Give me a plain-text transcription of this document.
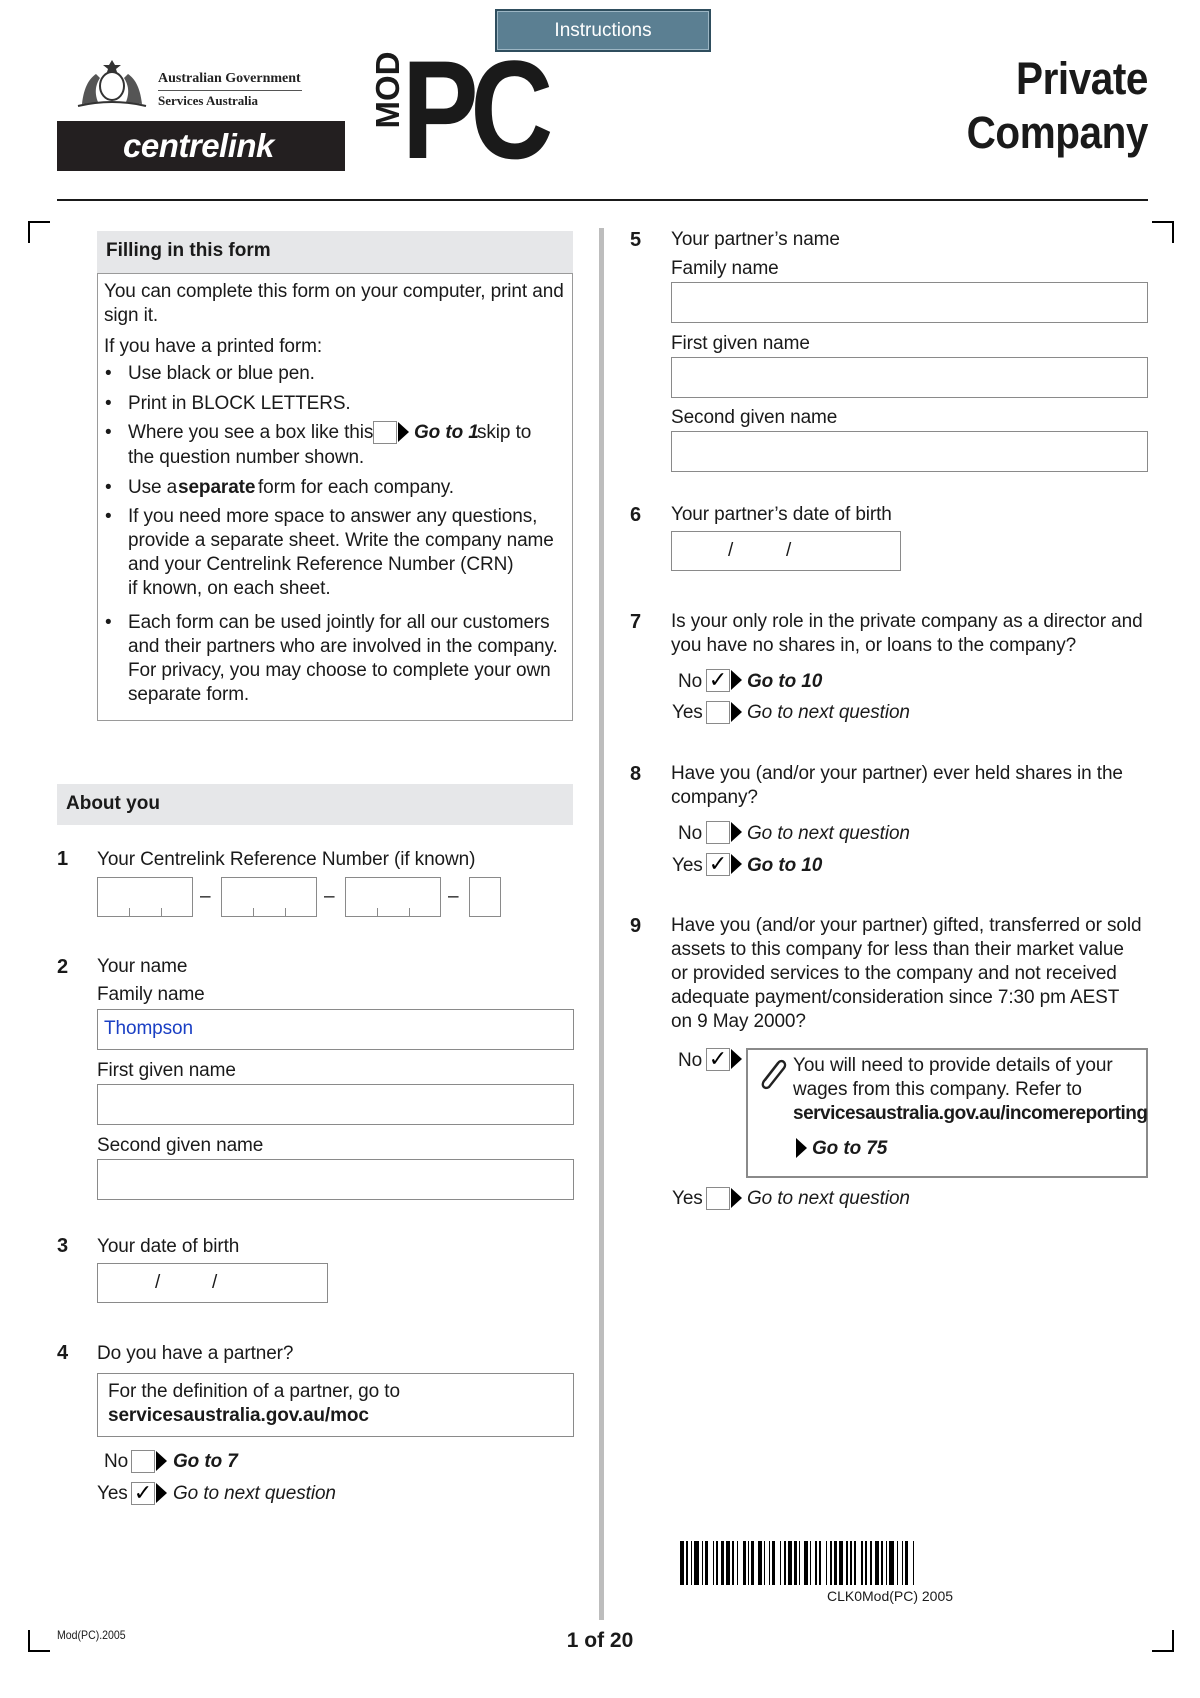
Instructions
Australian Government
Services Australia
centrelink
MOD
PC	Private Company
Filling in this form
You can complete this form on your computer, print and sign it.
If you have a printed form:
• Use black or blue pen.
• Print in BLOCK LETTERS.
• Where you see a box like this Go to 1
skip to
the question number shown.
• Use a separate form for each company.
• If you need more space to answer any questions,
provide a separate sheet. Write the company name
and your Centrelink Reference Number (CRN)
if known, on each sheet.
• Each form can be used jointly for all our customers
and their partners who are involved in the company.
For privacy, you may choose to complete your own
separate form.
About you
1 Your Centrelink Reference Number (if known)
–	–	–
2 Your name
Family name
Thompson
First given name
Second given name
3 Your date of birth
/	/
4 Do you have a partner?
For the definition of a partner, go to
servicesaustralia.gov.au/moc
No Go to 7
Yes ✓ Go to next question
5 Your partner’s name
Family name
First given name
Second given name
6 Your partner’s date of birth
/	/
7 Is your only role in the private company as a director and
you have no shares in, or loans to the company?
No ✓ Go to 10
Yes Go to next question
8 Have you (and/or your partner) ever held shares in the
company?
No Go to next question
Yes ✓ Go to 10
9 Have you (and/or your partner) gifted, transferred or sold
assets to this company for less than their market value
or provided services to the company and not received
adequate payment/consideration since 7:30 pm AEST
on 9 May 2000?
No ✓	You will need to provide details of your
wages from this company. Refer to
servicesaustralia.gov.au/incomereporting
Go to 75
Yes Go to next question
CLK0Mod(PC) 2005
Mod(PC).2005	1 of 20
